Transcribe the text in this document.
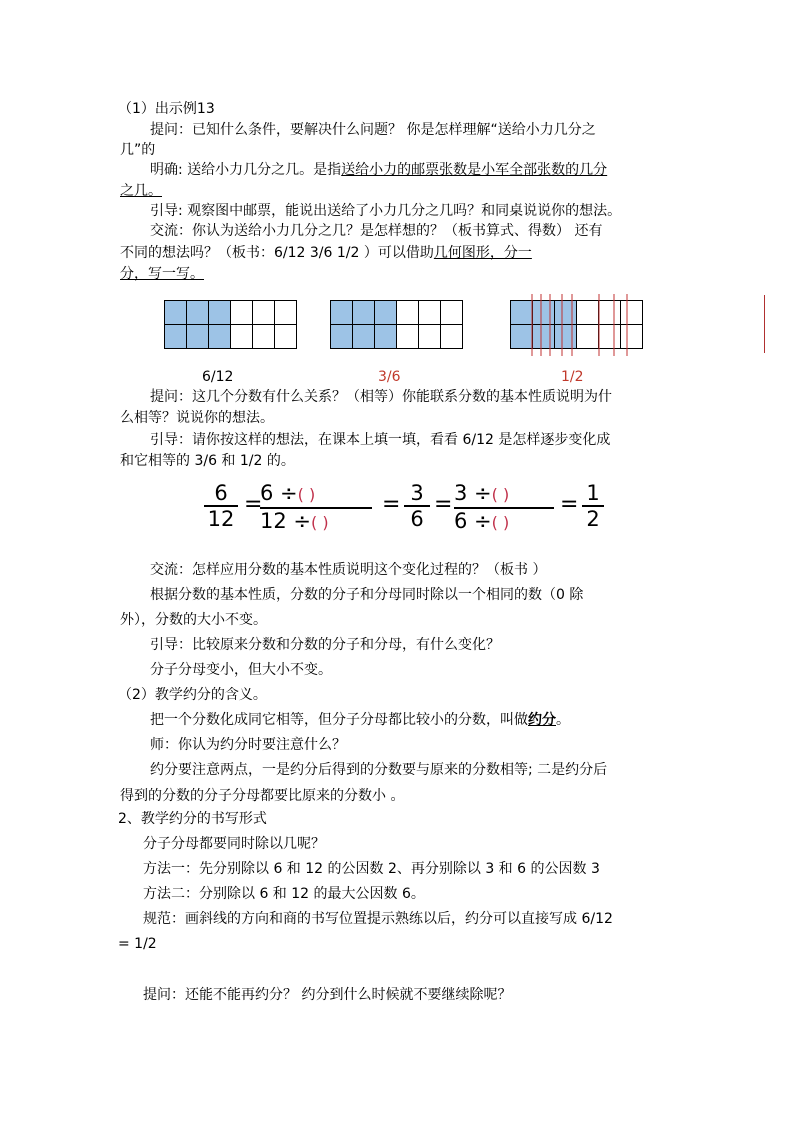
（1）出示例13
提问：已知什么条件，要解决什么问题？ 你是怎样理解“送给小力几分之
几”的
明确: 送给小力几分之几。是指送给小力的邮票张数是小军全部张数的几分
之几。
引导: 观察图中邮票，能说出送给了小力几分之几吗？和同桌说说你的想法。
交流：你认为送给小力几分之几？是怎样想的？（板书算式、得数） 还有
不同的想法吗？（板书：6/12 3/6 1/2 ）可以借助几何图形，分一
分，写一写。

6/12	3/6	1/2
提问：这几个分数有什么关系？（相等）你能联系分数的基本性质说明为什
么相等？说说你的想法。
引导：请你按这样的想法，在课本上填一填，看看 6/12 是怎样逐步变化成
和它相等的 3/6 和 1/2 的。
6
12
=
6 ÷( )
12 ÷( )
= 3
6
= 3 ÷( )
6 ÷( )
= 1
2
交流：怎样应用分数的基本性质说明这个变化过程的？（板书 ）
根据分数的基本性质，分数的分子和分母同时除以一个相同的数（0 除
外），分数的大小不变。
引导：比较原来分数和分数的分子和分母，有什么变化？
分子分母变小，但大小不变。
（2）教学约分的含义。
把一个分数化成同它相等，但分子分母都比较小的分数，叫做约分。
师：你认为约分时要注意什么？
约分要注意两点，一是约分后得到的分数要与原来的分数相等; 二是约分后
得到的分数的分子分母都要比原来的分数小 。
2、教学约分的书写形式
分子分母都要同时除以几呢？
方法一：先分别除以 6 和 12 的公因数 2、再分别除以 3 和 6 的公因数 3
方法二：分别除以 6 和 12 的最大公因数 6。
规范：画斜线的方向和商的书写位置提示熟练以后，约分可以直接写成 6/12
= 1/2
提问：还能不能再约分？ 约分到什么时候就不要继续除呢？
